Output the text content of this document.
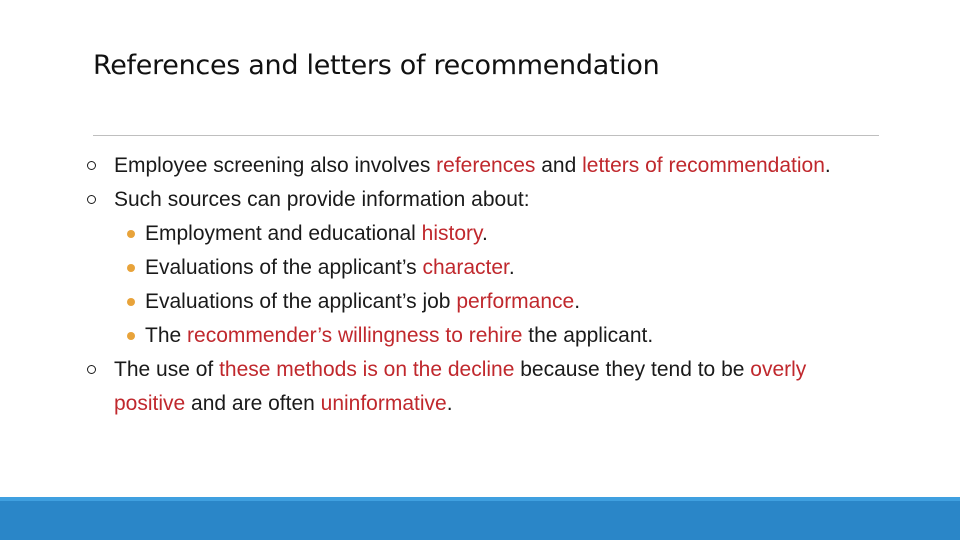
References and letters of recommendation
Employee screening also involves references and letters of recommendation.
Such sources can provide information about:
Employment and educational history.
Evaluations of the applicant’s character.
Evaluations of the applicant’s job performance.
The recommender’s willingness to rehire the applicant.
The use of these methods is on the decline because they tend to be overly positive and are often uninformative.
